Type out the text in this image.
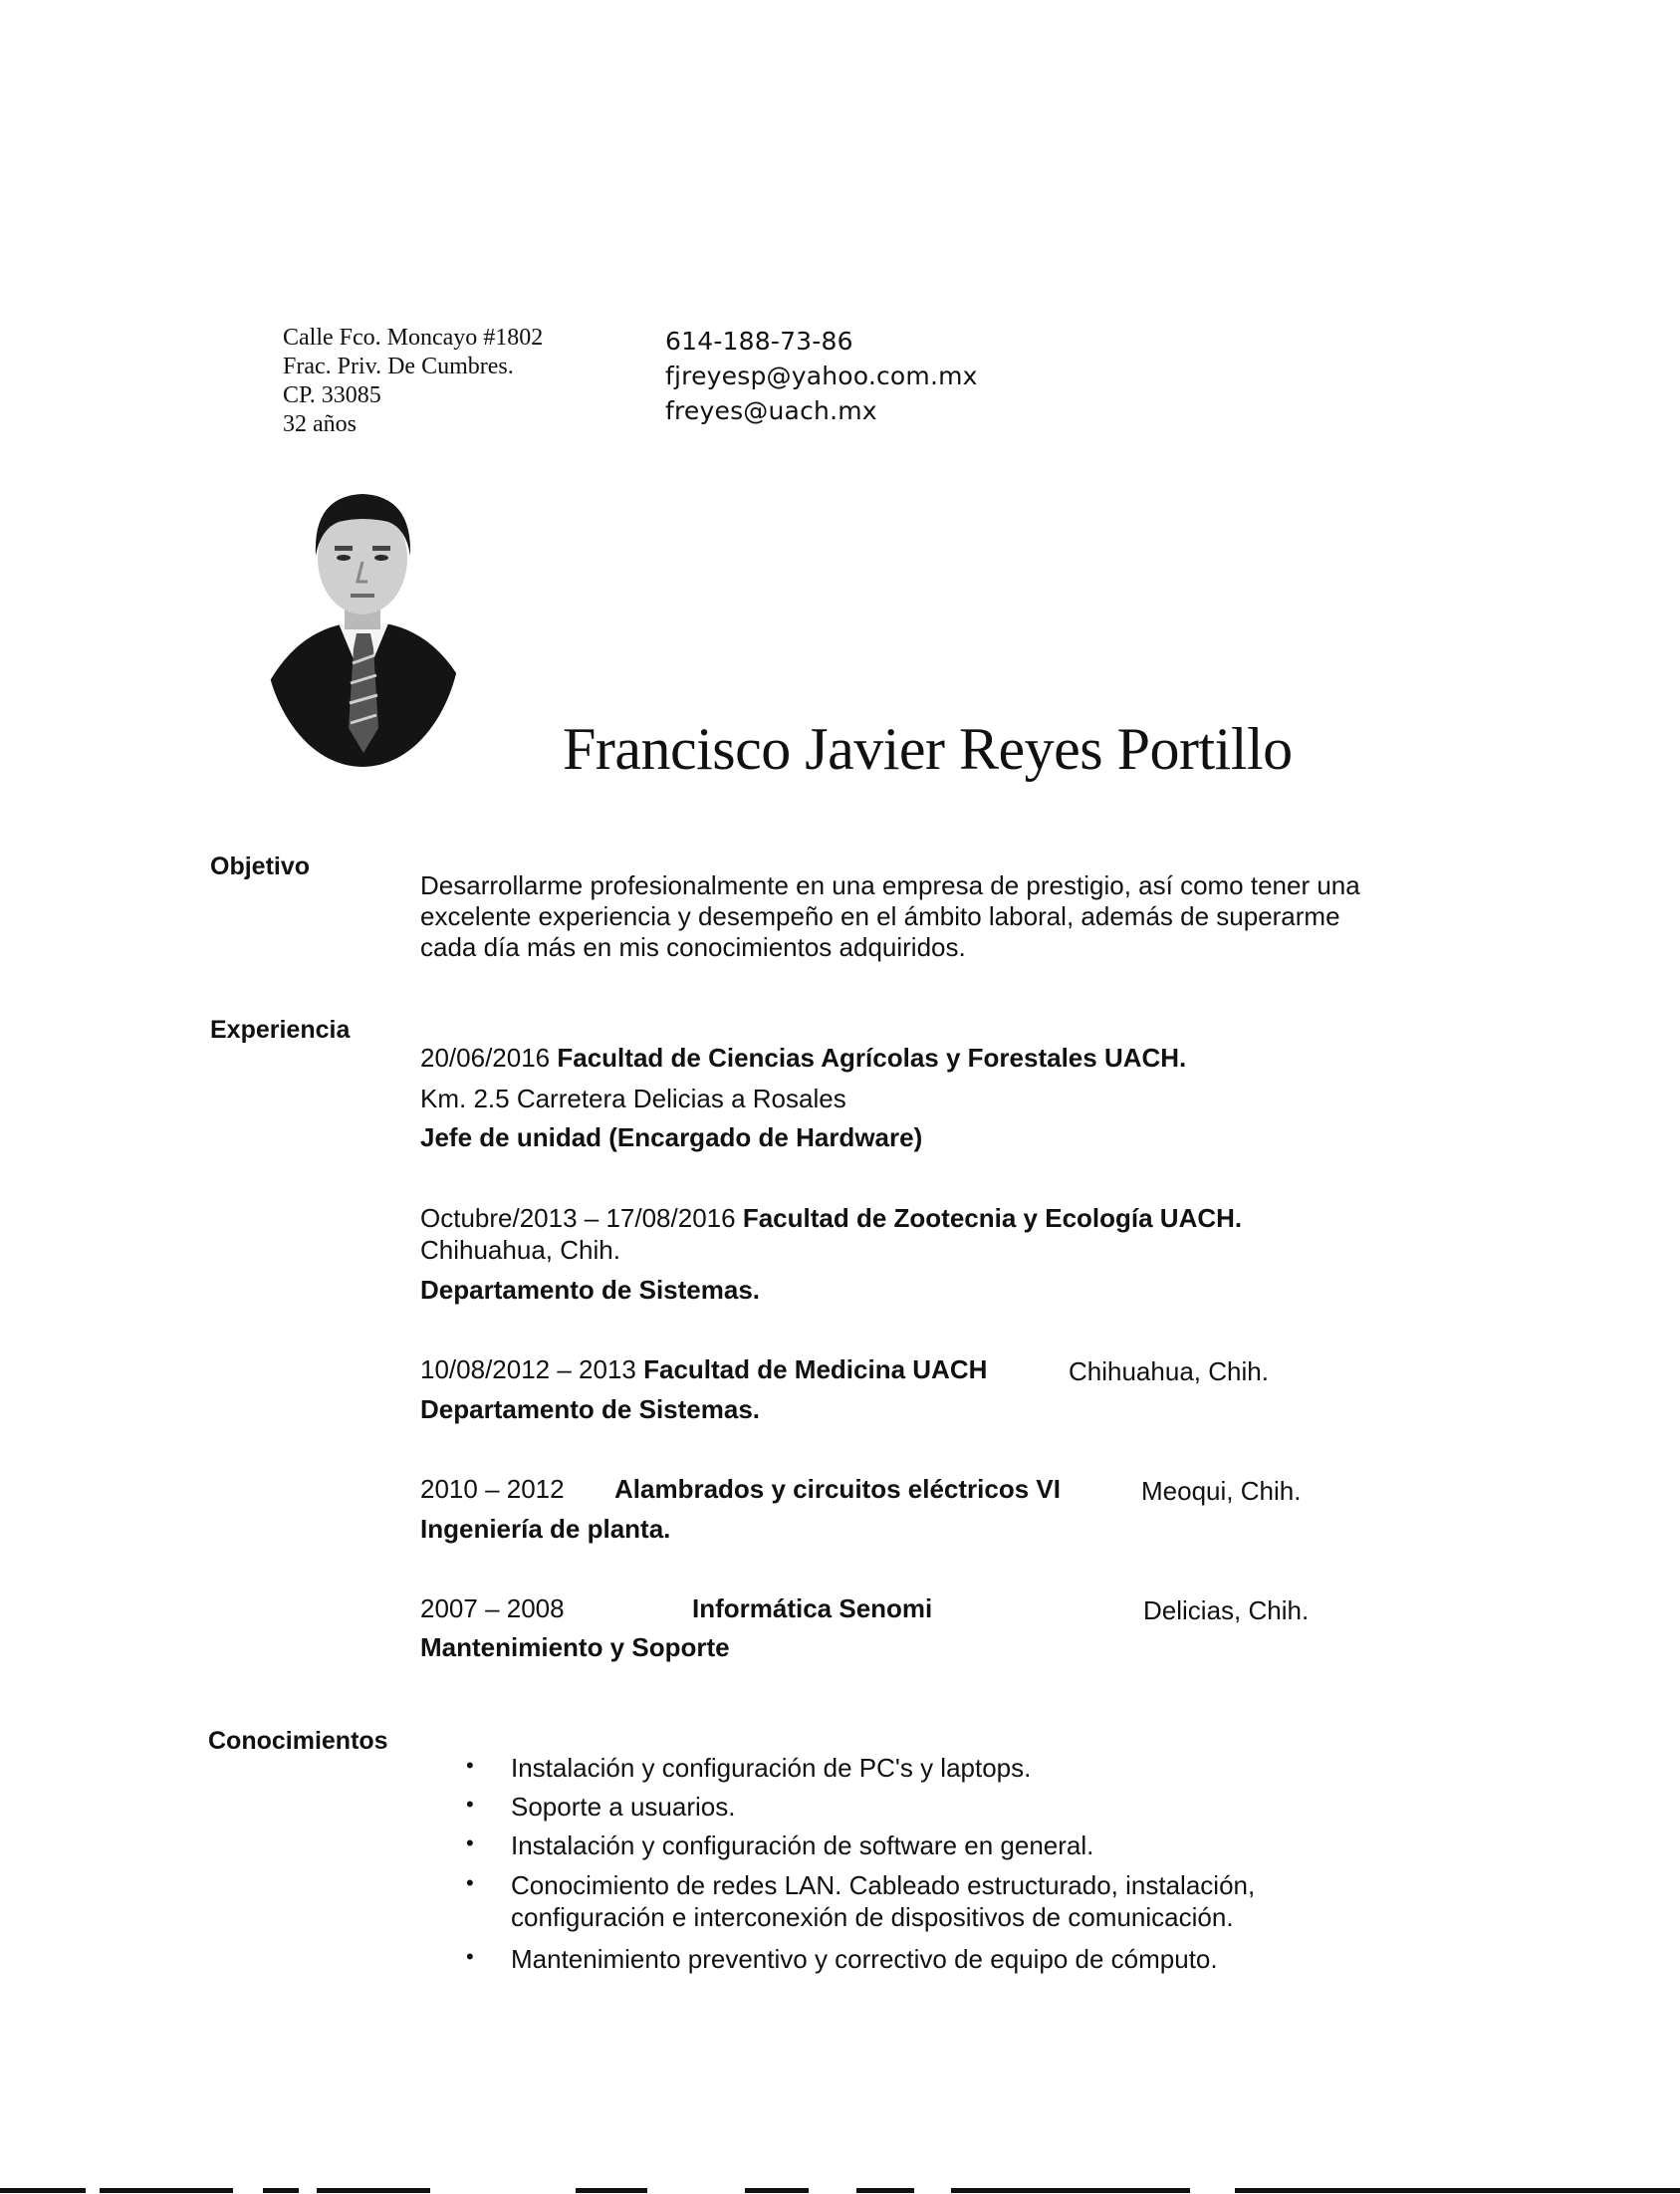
Calle Fco. Moncayo #1802
Frac. Priv. De Cumbres.
CP. 33085
32 años
614-188-73-86
fjreyesp@yahoo.com.mx
freyes@uach.mx
Francisco Javier Reyes Portillo
Objetivo
Desarrollarme profesionalmente en una empresa de prestigio, así como tener una
excelente experiencia y desempeño en el ámbito laboral, además de superarme
cada día más en mis conocimientos adquiridos.
Experiencia
20/06/2016 Facultad de Ciencias Agrícolas y Forestales UACH.
Km. 2.5 Carretera Delicias a Rosales
Jefe de unidad (Encargado de Hardware)
Octubre/2013 – 17/08/2016 Facultad de Zootecnia y Ecología UACH.
Chihuahua, Chih.
Departamento de Sistemas.
10/08/2012 – 2013 Facultad de Medicina UACH	Chihuahua, Chih.
Departamento de Sistemas.
2010 – 2012 Alambrados y circuitos eléctricos VI	Meoqui, Chih.
Ingeniería de planta.
2007 – 2008	Informática Senomi	Delicias, Chih.
Mantenimiento y Soporte
Conocimientos
• Instalación y configuración de PC's y laptops.
• Soporte a usuarios.
• Instalación y configuración de software en general.
• Conocimiento de redes LAN. Cableado estructurado, instalación,
configuración e interconexión de dispositivos de comunicación.
• Mantenimiento preventivo y correctivo de equipo de cómputo.
